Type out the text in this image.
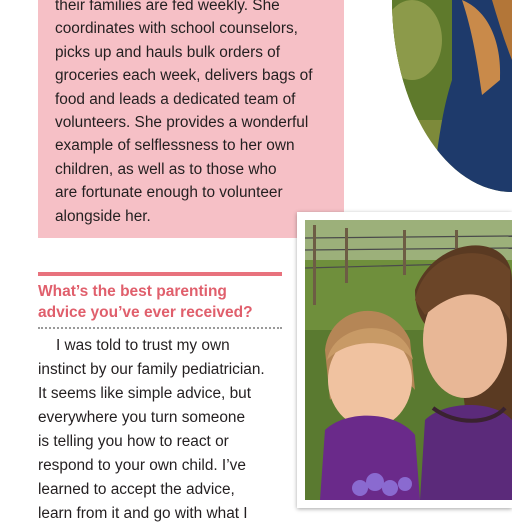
their families are fed weekly. She
coordinates with school counselors,
picks up and hauls bulk orders of
groceries each week, delivers bags of
food and leads a dedicated team of
volunteers. She provides a wonderful
example of selflessness to her own
children, as well as to those who
are fortunate enough to volunteer
alongside her.

What’s the best parenting
advice you’ve ever received?

I was told to trust my own
instinct by our family pediatrician.
It seems like simple advice, but
everywhere you turn someone
is telling you how to react or
respond to your own child. I’ve
learned to accept the advice,
learn from it and go with what I
